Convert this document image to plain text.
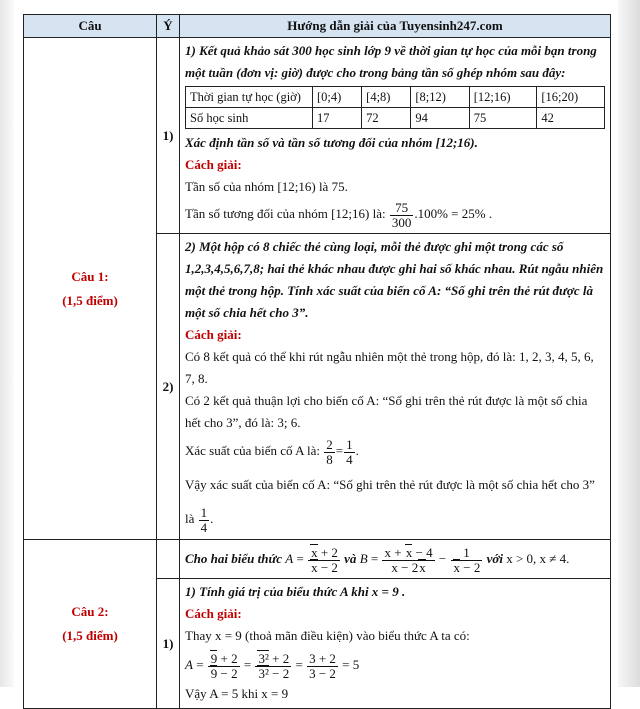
Câu	Ý	Hướng dẫn giải của Tuyensinh247.com

Câu 1:
(1,5 điểm)
	1)	
1) Kết quả khảo sát 300 học sinh lớp 9 về thời gian tự học của mỗi bạn trong một tuần (đơn vị: giờ) được cho trong bảng tần số ghép nhóm sau đây:
Thời gian tự học (giờ)	[0;4)	[4;8)	[8;12)	[12;16)	[16;20)
Số học sinh	17	72	94	75	42
Xác định tần số và tần số tương đối của nhóm [12;16).
Cách giải:
Tần số của nhóm [12;16) là 75.
Tần số tương đối của nhóm [12;16) là: $\frac{75}{300} .100\% = 25\%$ .

2)	
2) Một hộp có 8 chiếc thẻ cùng loại, mỗi thẻ được ghi một trong các số 1,2,3,4,5,6,7,8; hai thẻ khác nhau được ghi hai số khác nhau. Rút ngẫu nhiên một thẻ trong hộp. Tính xác suất của biến cố A: “Số ghi trên thẻ rút được là một số chia hết cho 3”.
Cách giải:
Có 8 kết quả có thể khi rút ngẫu nhiên một thẻ trong hộp, đó là: 1, 2, 3, 4, 5, 6, 7, 8.
Có 2 kết quả thuận lợi cho biến cố A: “Số ghi trên thẻ rút được là một số chia hết cho 3”, đó là: 3; 6.
Xác suất của biến cố A là: $\frac{2}{8} = \frac{1}{4}$ .
Vậy xác suất của biến cố A: “Số ghi trên thẻ rút được là một số chia hết cho 3” là $\frac{1}{4}$ .

Câu 2:
(1,5 điểm)

Cho hai biểu thức $A = \frac{x + 2}{x - 2}$ và $B = \frac{x + x - 4}{x - 2x} - \frac{1}{x - 2}$ với x > 0, x ≠ 4.

1)	
1) Tính giá trị của biểu thức A khi x = 9 .
Cách giải:
Thay x = 9 (thoả mãn điều kiện) vào biểu thức A ta có:
$A = \frac{9 + 2}{9 - 2} = \frac{\text{3² + 2}}{\text{3² − 2}} = \frac{3 + 2}{3 - 2} = 5$
Vậy A = 5 khi x = 9
